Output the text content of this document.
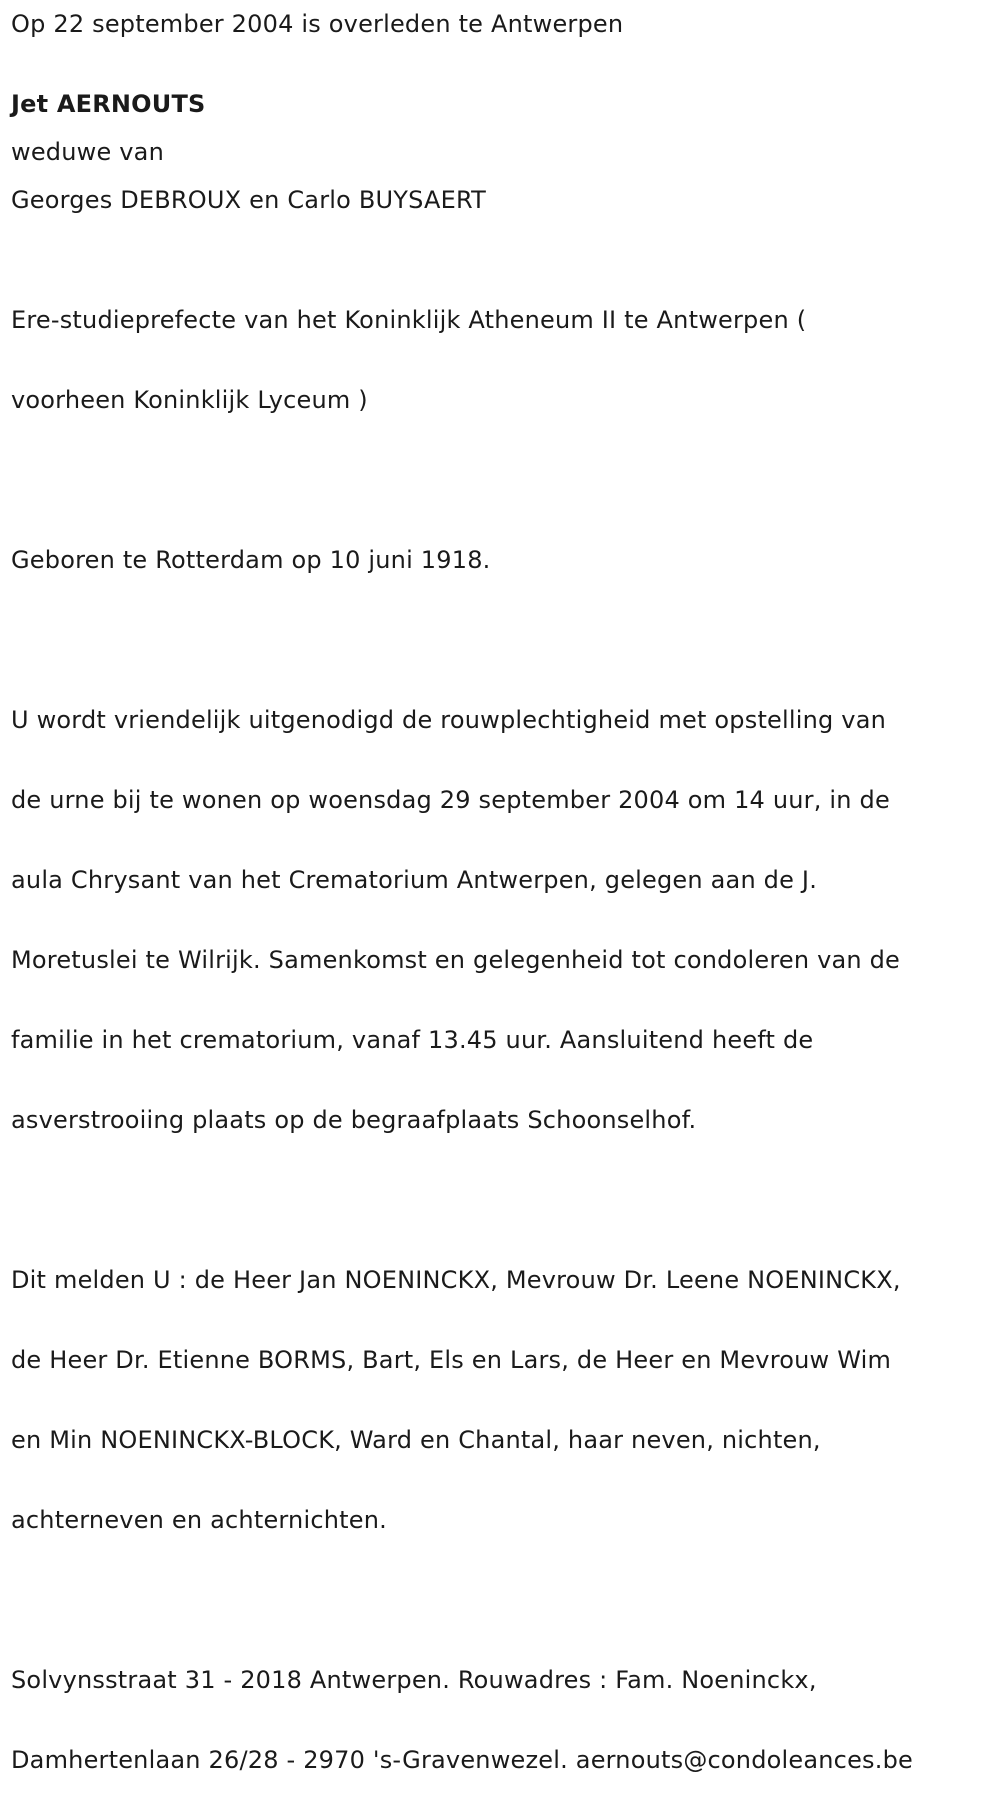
Op 22 september 2004 is overleden te Antwerpen

Jet AERNOUTS

weduwe van

Georges DEBROUX en Carlo BUYSAERT

Ere-studieprefecte van het Koninklijk Atheneum II te Antwerpen (

voorheen Koninklijk Lyceum )

Geboren te Rotterdam op 10 juni 1918.

U wordt vriendelijk uitgenodigd de rouwplechtigheid met opstelling van

de urne bij te wonen op woensdag 29 september 2004 om 14 uur, in de

aula Chrysant van het Crematorium Antwerpen, gelegen aan de J.

Moretuslei te Wilrijk. Samenkomst en gelegenheid tot condoleren van de

familie in het crematorium, vanaf 13.45 uur. Aansluitend heeft de

asverstrooiing plaats op de begraafplaats Schoonselhof.

Dit melden U : de Heer Jan NOENINCKX, Mevrouw Dr. Leene NOENINCKX,

de Heer Dr. Etienne BORMS, Bart, Els en Lars, de Heer en Mevrouw Wim

en Min NOENINCKX-BLOCK, Ward en Chantal, haar neven, nichten,

achterneven en achternichten.

Solvynsstraat 31 - 2018 Antwerpen. Rouwadres : Fam. Noeninckx,

Damhertenlaan 26/28 - 2970 's-Gravenwezel. aernouts@condoleances.be
